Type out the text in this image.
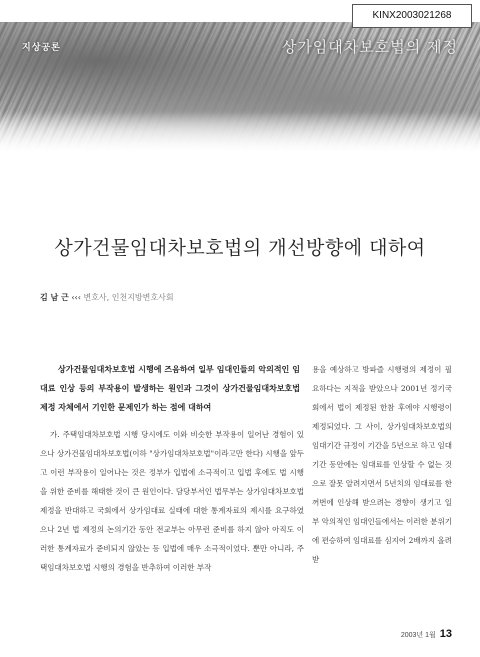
KINX2003021268
지상공론	상가임대차보호법의 제정
상가건물임대차보호법의 개선방향에 대하여
김 남 근 ‹‹‹ 변호사, 인천지방변호사회
상가건물임대차보호법 시행에 즈음하여 일부 임대인들의 악의적인 임대료 인상 등의 부작용이 발생하는 원인과 그것이 상가건물임대차보호법 제정 자체에서 기인한 문제인가 하는 점에 대하여
가. 주택임대차보호법 시행 당시에도 이와 비슷한 부작용이 일어난 경험이 있으나 상가건물임대차보호법(이하 "상가임대차보호법"이라고만 한다) 시행을 앞두고 이런 부작용이 일어나는 것은 정부가 입법에 소극적이고 입법 후에도 법 시행을 위한 준비를 해태한 것이 큰 원인이다. 담당부서인 법무부는 상가임대차보호법 제정을 반대하고 국회에서 상가임대료 실태에 대한 통계자료의 제시를 요구하였으나 2년 법 제정의 논의기간 동안 전교부는 아무런 준비를 하지 않아 아직도 이러한 통계자료가 준비되지 않았는 등 입법에 매우 소극적이었다. 뿐만 아니라, 주택임대차보호법 시행의 경험을 반추하여 이러한 부작
용을 예상하고 방파즐 시행령의 제정이 필요하다는 지적을 받았으나 2001년 정기국회에서 법이 제정된 한참 후에야 시행령이 제정되었다. 그 사이, 상가임대차보호법의 임대기간 규정이 기간을 5년으로 하고 임대기간 동안에는 임대료를 인상할 수 없는 것으로 잘못 알려지면서 5년치의 임대료를 한꺼번에 인상해 받으려는 경향이 생기고 일부 악의적인 임대인들에서는 이러한 분위기에 편승하여 임대료를 심지어 2배까지 올려받
2003년 1월 13
